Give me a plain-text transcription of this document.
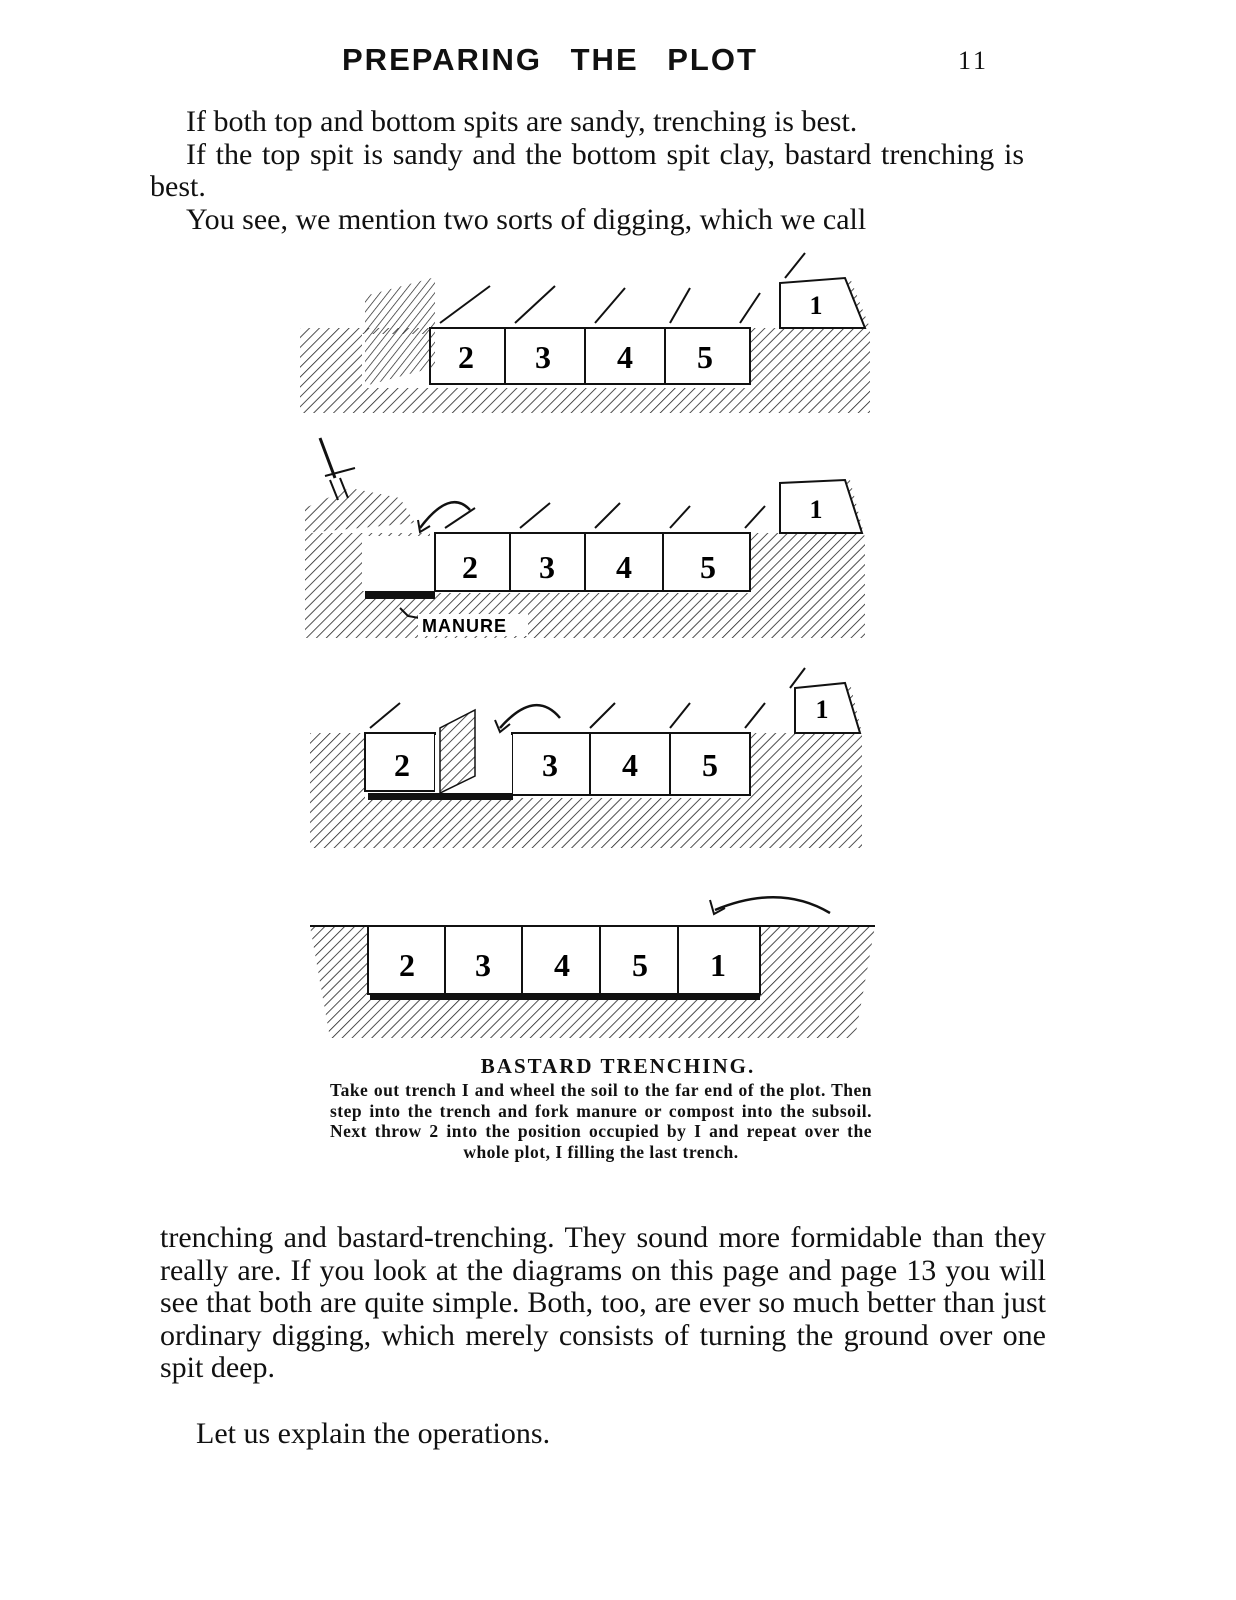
PREPARING THE PLOT	11
If both top and bottom spits are sandy, trenching is best.
If the top spit is sandy and the bottom spit clay, bastard trenching is best.
You see, we mention two sorts of digging, which we call
2 3 4 5
1
2 3 4 5
1
MANURE
2	3 4 5
1
2 3 4 5 1
BASTARD TRENCHING.
Take out trench I and wheel the soil to the far end of the plot. Then step into the trench and fork manure or compost into the subsoil. Next throw 2 into the position occupied by I and repeat over the whole plot, I filling the last trench.
trenching and bastard-trenching. They sound more formidable than they really are. If you look at the diagrams on this page and page 13 you will see that both are quite simple. Both, too, are ever so much better than just ordinary digging, which merely consists of turning the ground over one spit deep.
Let us explain the operations.
